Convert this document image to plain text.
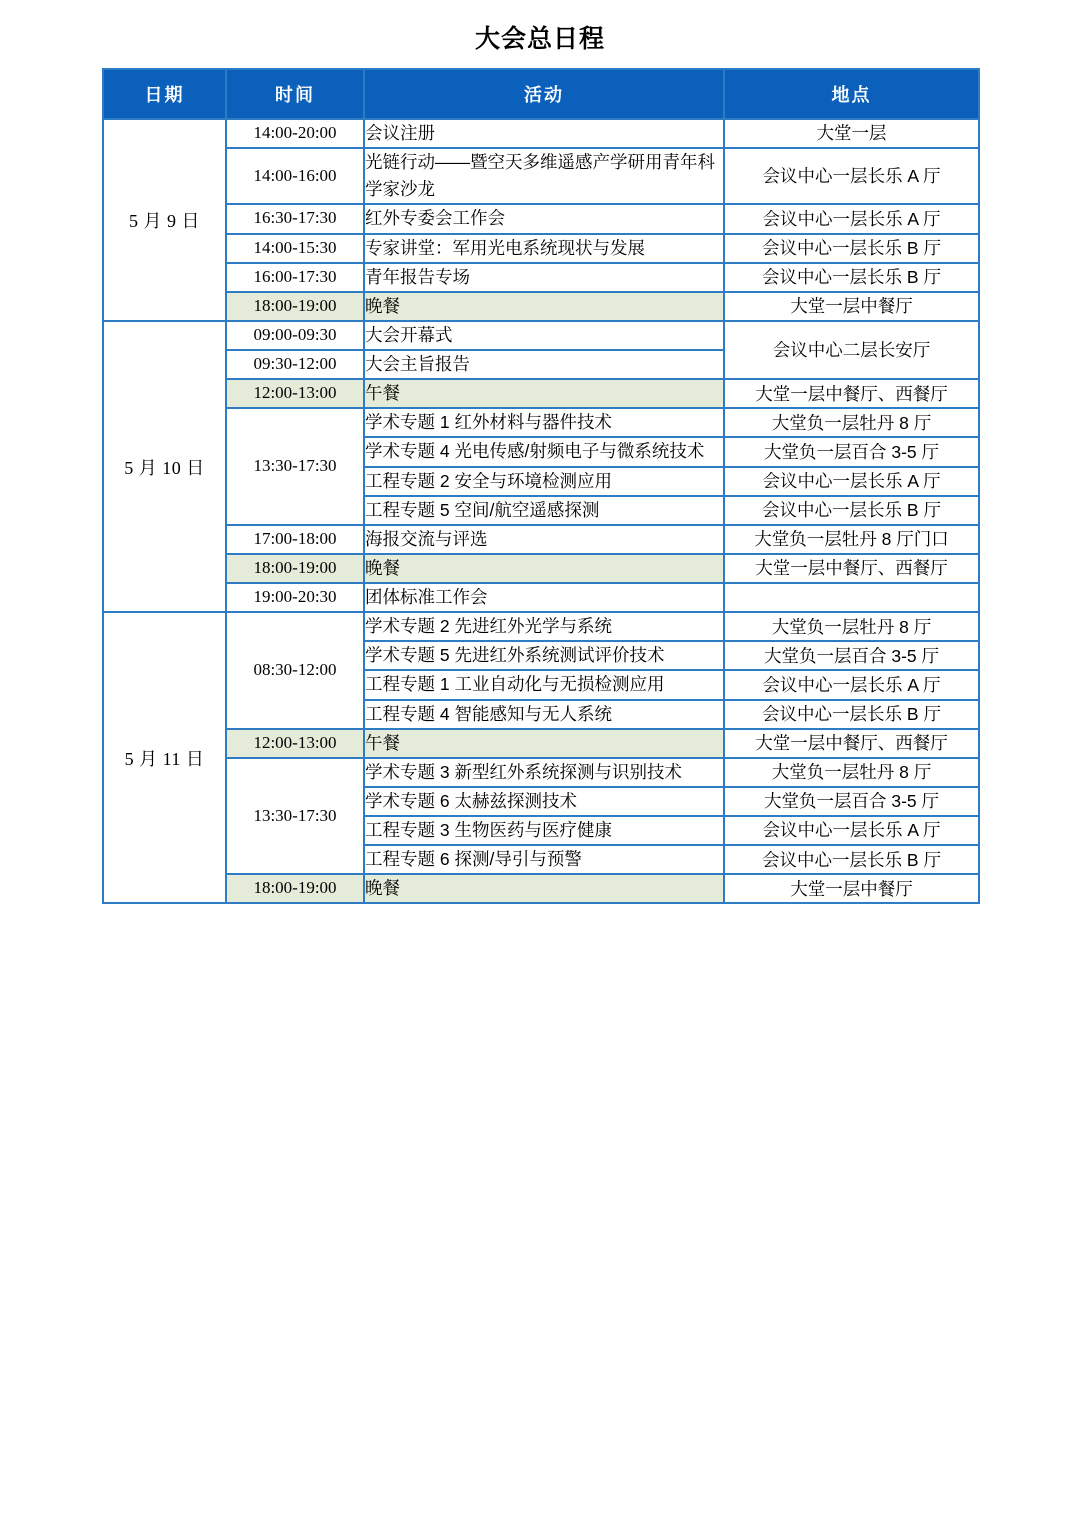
大会总日程
日期	时间	活动	地点
5 月 9 日	14:00-20:00	会议注册	大堂一层
	14:00-16:00	光链行动——暨空天多维遥感产学研用青年科学家沙龙	会议中心一层长乐 A 厅
	16:30-17:30	红外专委会工作会	会议中心一层长乐 A 厅
	14:00-15:30	专家讲堂：军用光电系统现状与发展	会议中心一层长乐 B 厅
	16:00-17:30	青年报告专场	会议中心一层长乐 B 厅
	18:00-19:00	晚餐	大堂一层中餐厅
5 月 10 日	09:00-09:30	大会开幕式	会议中心二层长安厅
	09:30-12:00	大会主旨报告	
	12:00-13:00	午餐	大堂一层中餐厅、西餐厅
	13:30-17:30	学术专题 1 红外材料与器件技术	大堂负一层牡丹 8 厅
		学术专题 4 光电传感/射频电子与微系统技术	大堂负一层百合 3-5 厅
		工程专题 2 安全与环境检测应用	会议中心一层长乐 A 厅
		工程专题 5 空间/航空遥感探测	会议中心一层长乐 B 厅
	17:00-18:00	海报交流与评选	大堂负一层牡丹 8 厅门口
	18:00-19:00	晚餐	大堂一层中餐厅、西餐厅
	19:00-20:30	团体标准工作会	
5 月 11 日	08:30-12:00	学术专题 2 先进红外光学与系统	大堂负一层牡丹 8 厅
		学术专题 5 先进红外系统测试评价技术	大堂负一层百合 3-5 厅
		工程专题 1 工业自动化与无损检测应用	会议中心一层长乐 A 厅
		工程专题 4 智能感知与无人系统	会议中心一层长乐 B 厅
	12:00-13:00	午餐	大堂一层中餐厅、西餐厅
	13:30-17:30	学术专题 3 新型红外系统探测与识别技术	大堂负一层牡丹 8 厅
		学术专题 6 太赫兹探测技术	大堂负一层百合 3-5 厅
		工程专题 3 生物医药与医疗健康	会议中心一层长乐 A 厅
		工程专题 6 探测/导引与预警	会议中心一层长乐 B 厅
	18:00-19:00	晚餐	大堂一层中餐厅
